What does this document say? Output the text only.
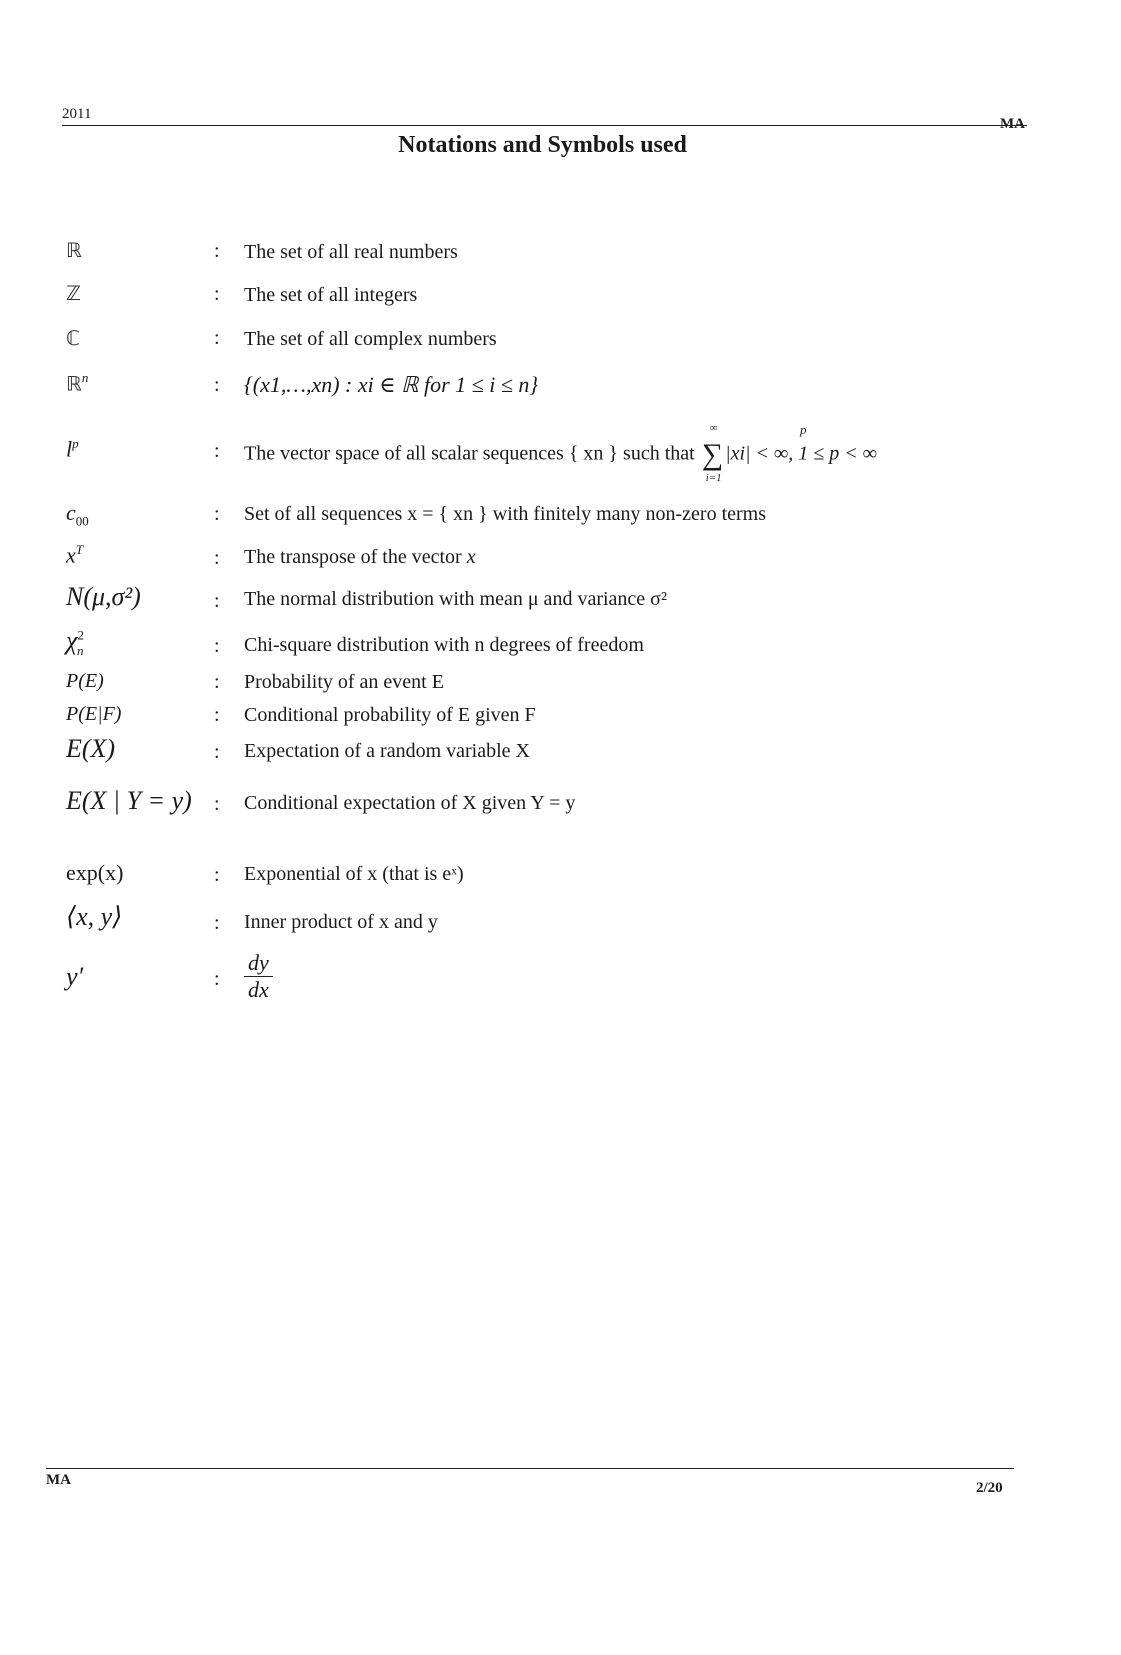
2011
MA
Notations and Symbols used
ℝ	: The set of all real numbers
ℤ	: The set of all integers
ℂ	: The set of all complex numbers
ℝ$^n$	: {(x1,…,xn) : xi ∈ ℝ for 1 ≤ i ≤ n}
$l^p$	: The vector space of all scalar sequences { xn } such that ∑
∞
i=1
|xi| < ∞, 1 ≤ p < ∞
p
$c_{00}$	: Set of all sequences x = { xn } with finitely many non-zero terms
$x^T$	: The transpose of the vector x
N(μ,σ²)	: The normal distribution with mean μ and variance σ²
$\chi^2_n$	: Chi-square distribution with n degrees of freedom
P(E)	: Probability of an event E
P(E|F)	: Conditional probability of E given F
E(X)	: Expectation of a random variable X
E(X | Y = y) : Conditional expectation of X given Y = y
exp(x)	: Exponential of x (that is eˣ)
⟨x, y⟩	: Inner product of x and y
y′	: $\frac{dy}{dx}$
MA	2/20
